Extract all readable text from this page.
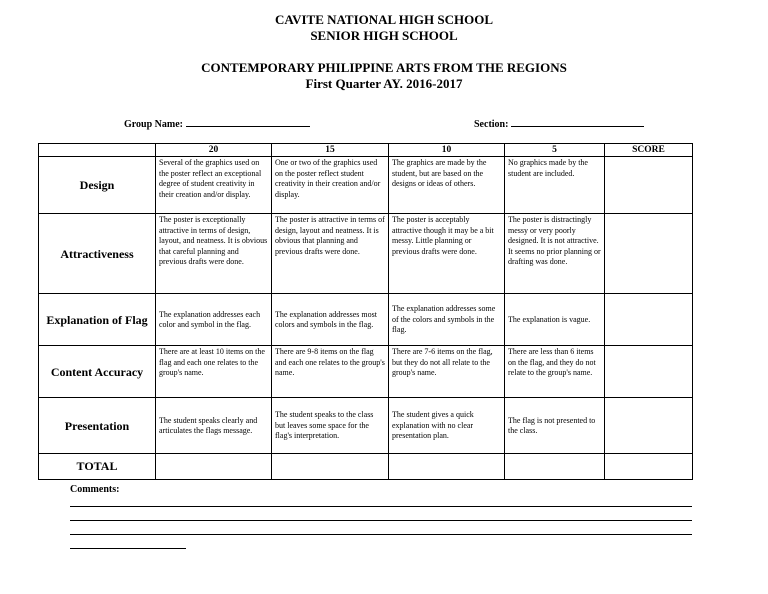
CAVITE NATIONAL HIGH SCHOOL
SENIOR HIGH SCHOOL
CONTEMPORARY PHILIPPINE ARTS FROM THE REGIONS
First Quarter AY. 2016-2017
Group Name:	Section:
	20	15	10	5	SCORE
Design	Several of the graphics used on the poster reflect an exceptional degree of student creativity in their creation and/or display.	One or two of the graphics used on the poster reflect student creativity in their creation and/or display.	The graphics are made by the student, but are based on the designs or ideas of others.	No graphics made by the student are included.	
Attractiveness	The poster is exceptionally attractive in terms of design, layout, and neatness. It is obvious that careful planning and previous drafts were done.	The poster is attractive in terms of design, layout and neatness. It is obvious that planning and previous drafts were done.	The poster is acceptably attractive though it may be a bit messy. Little planning or previous drafts were done.	The poster is distractingly messy or very poorly designed. It is not attractive. It seems no prior planning or drafting was done.	
Explanation of Flag	The explanation addresses each color and symbol in the flag.	The explanation addresses most colors and symbols in the flag.	The explanation addresses some of the colors and symbols in the flag.	The explanation is vague.	
Content Accuracy	There are at least 10 items on the flag and each one relates to the group's name.	There are 9-8 items on the flag and each one relates to the group's name.	There are 7-6 items on the flag, but they do not all relate to the group's name.	There are less than 6 items on the flag, and they do not relate to the group's name.	
Presentation	The student speaks clearly and articulates the flags message.	The student speaks to the class but leaves some space for the flag's interpretation.	The student gives a quick explanation with no clear presentation plan.	The flag is not presented to the class.	
TOTAL					
Comments:
